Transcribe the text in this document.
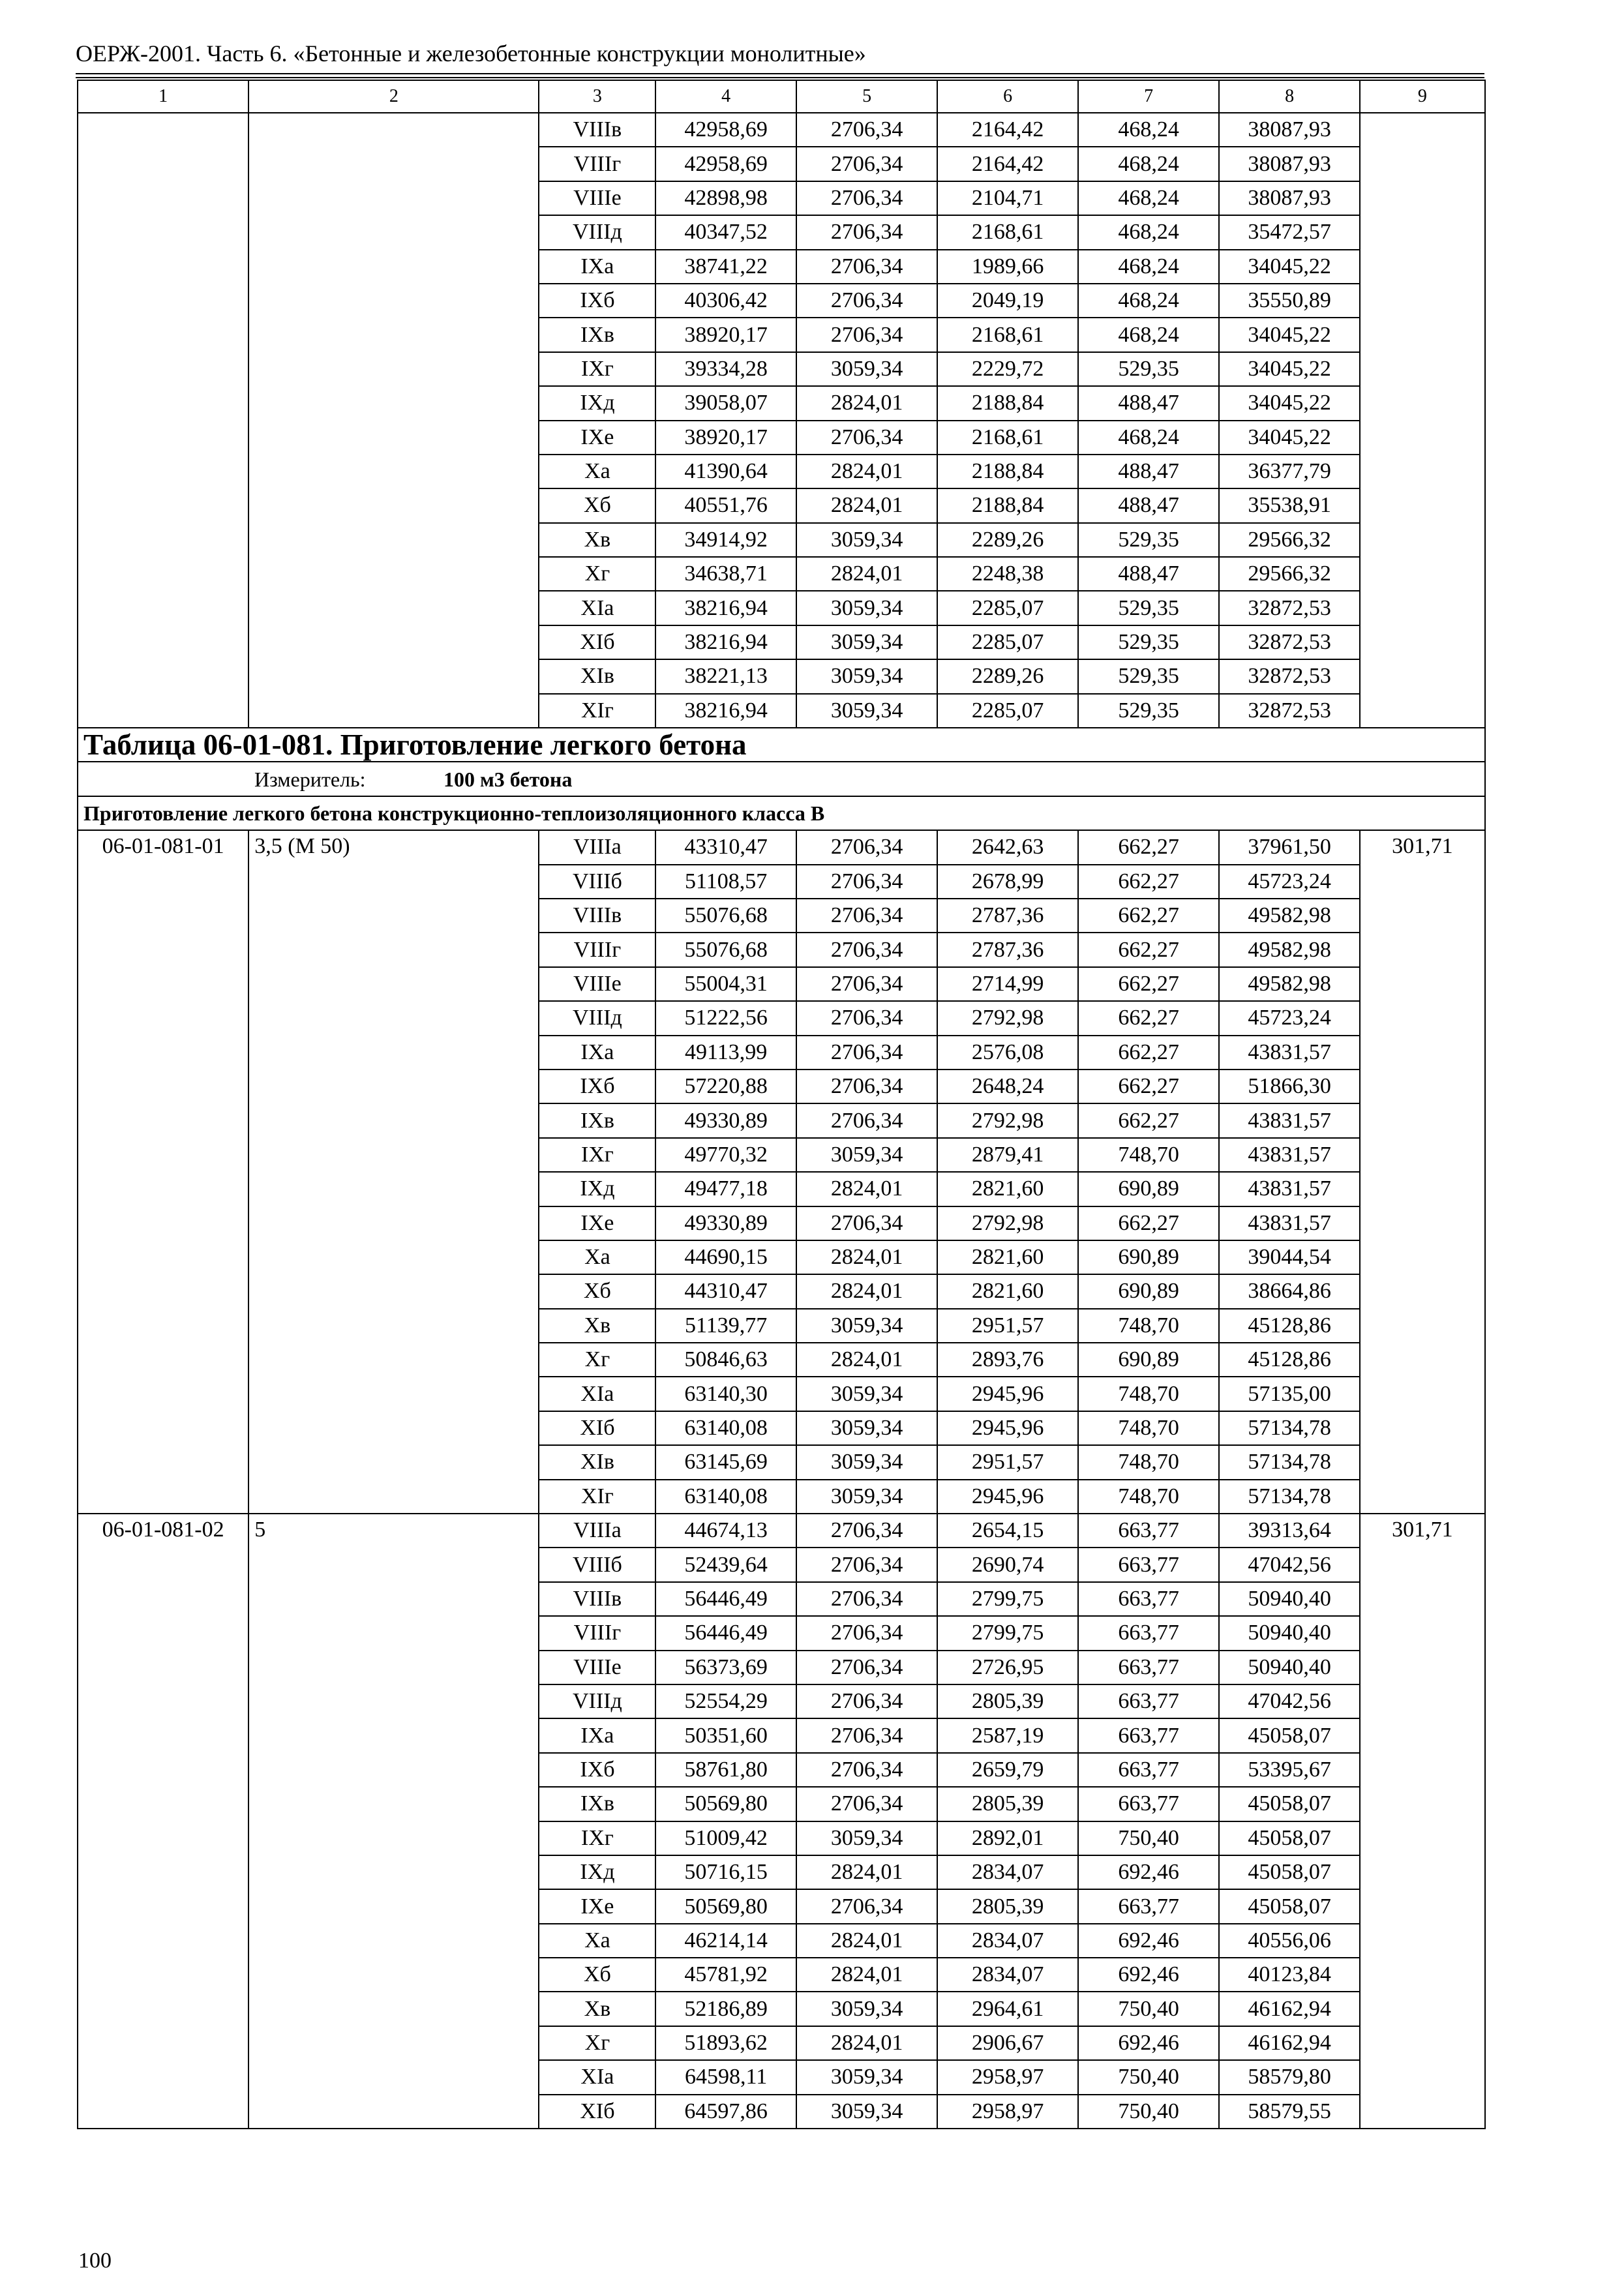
ОЕРЖ-2001. Часть 6. «Бетонные и железобетонные конструкции монолитные»
1	2	3	4	5	6	7	8	9
		VIIIв	42958,69	2706,34	2164,42	468,24	38087,93	
		VIIIг	42958,69	2706,34	2164,42	468,24	38087,93	
		VIIIе	42898,98	2706,34	2104,71	468,24	38087,93	
		VIIIд	40347,52	2706,34	2168,61	468,24	35472,57	
		IXа	38741,22	2706,34	1989,66	468,24	34045,22	
		IXб	40306,42	2706,34	2049,19	468,24	35550,89	
		IXв	38920,17	2706,34	2168,61	468,24	34045,22	
		IXг	39334,28	3059,34	2229,72	529,35	34045,22	
		IXд	39058,07	2824,01	2188,84	488,47	34045,22	
		IXе	38920,17	2706,34	2168,61	468,24	34045,22	
		Xа	41390,64	2824,01	2188,84	488,47	36377,79	
		Xб	40551,76	2824,01	2188,84	488,47	35538,91	
		Xв	34914,92	3059,34	2289,26	529,35	29566,32	
		Xг	34638,71	2824,01	2248,38	488,47	29566,32	
		XIа	38216,94	3059,34	2285,07	529,35	32872,53	
		XIб	38216,94	3059,34	2285,07	529,35	32872,53	
		XIв	38221,13	3059,34	2289,26	529,35	32872,53	
		XIг	38216,94	3059,34	2285,07	529,35	32872,53	
Таблица 06-01-081. Приготовление легкого бетона								
Измеритель: 100 м3 бетона								
Приготовление легкого бетона конструкционно-теплоизоляционного класса В								
06-01-081-01	3,5 (М 50)	VIIIа	43310,47	2706,34	2642,63	662,27	37961,50	301,71
		VIIIб	51108,57	2706,34	2678,99	662,27	45723,24	
		VIIIв	55076,68	2706,34	2787,36	662,27	49582,98	
		VIIIг	55076,68	2706,34	2787,36	662,27	49582,98	
		VIIIе	55004,31	2706,34	2714,99	662,27	49582,98	
		VIIIд	51222,56	2706,34	2792,98	662,27	45723,24	
		IXа	49113,99	2706,34	2576,08	662,27	43831,57	
		IXб	57220,88	2706,34	2648,24	662,27	51866,30	
		IXв	49330,89	2706,34	2792,98	662,27	43831,57	
		IXг	49770,32	3059,34	2879,41	748,70	43831,57	
		IXд	49477,18	2824,01	2821,60	690,89	43831,57	
		IXе	49330,89	2706,34	2792,98	662,27	43831,57	
		Xа	44690,15	2824,01	2821,60	690,89	39044,54	
		Xб	44310,47	2824,01	2821,60	690,89	38664,86	
		Xв	51139,77	3059,34	2951,57	748,70	45128,86	
		Xг	50846,63	2824,01	2893,76	690,89	45128,86	
		XIа	63140,30	3059,34	2945,96	748,70	57135,00	
		XIб	63140,08	3059,34	2945,96	748,70	57134,78	
		XIв	63145,69	3059,34	2951,57	748,70	57134,78	
		XIг	63140,08	3059,34	2945,96	748,70	57134,78	
06-01-081-02	5	VIIIа	44674,13	2706,34	2654,15	663,77	39313,64	301,71
		VIIIб	52439,64	2706,34	2690,74	663,77	47042,56	
		VIIIв	56446,49	2706,34	2799,75	663,77	50940,40	
		VIIIг	56446,49	2706,34	2799,75	663,77	50940,40	
		VIIIе	56373,69	2706,34	2726,95	663,77	50940,40	
		VIIIд	52554,29	2706,34	2805,39	663,77	47042,56	
		IXа	50351,60	2706,34	2587,19	663,77	45058,07	
		IXб	58761,80	2706,34	2659,79	663,77	53395,67	
		IXв	50569,80	2706,34	2805,39	663,77	45058,07	
		IXг	51009,42	3059,34	2892,01	750,40	45058,07	
		IXд	50716,15	2824,01	2834,07	692,46	45058,07	
		IXе	50569,80	2706,34	2805,39	663,77	45058,07	
		Xа	46214,14	2824,01	2834,07	692,46	40556,06	
		Xб	45781,92	2824,01	2834,07	692,46	40123,84	
		Xв	52186,89	3059,34	2964,61	750,40	46162,94	
		Xг	51893,62	2824,01	2906,67	692,46	46162,94	
		XIа	64598,11	3059,34	2958,97	750,40	58579,80	
		XIб	64597,86	3059,34	2958,97	750,40	58579,55	
100
